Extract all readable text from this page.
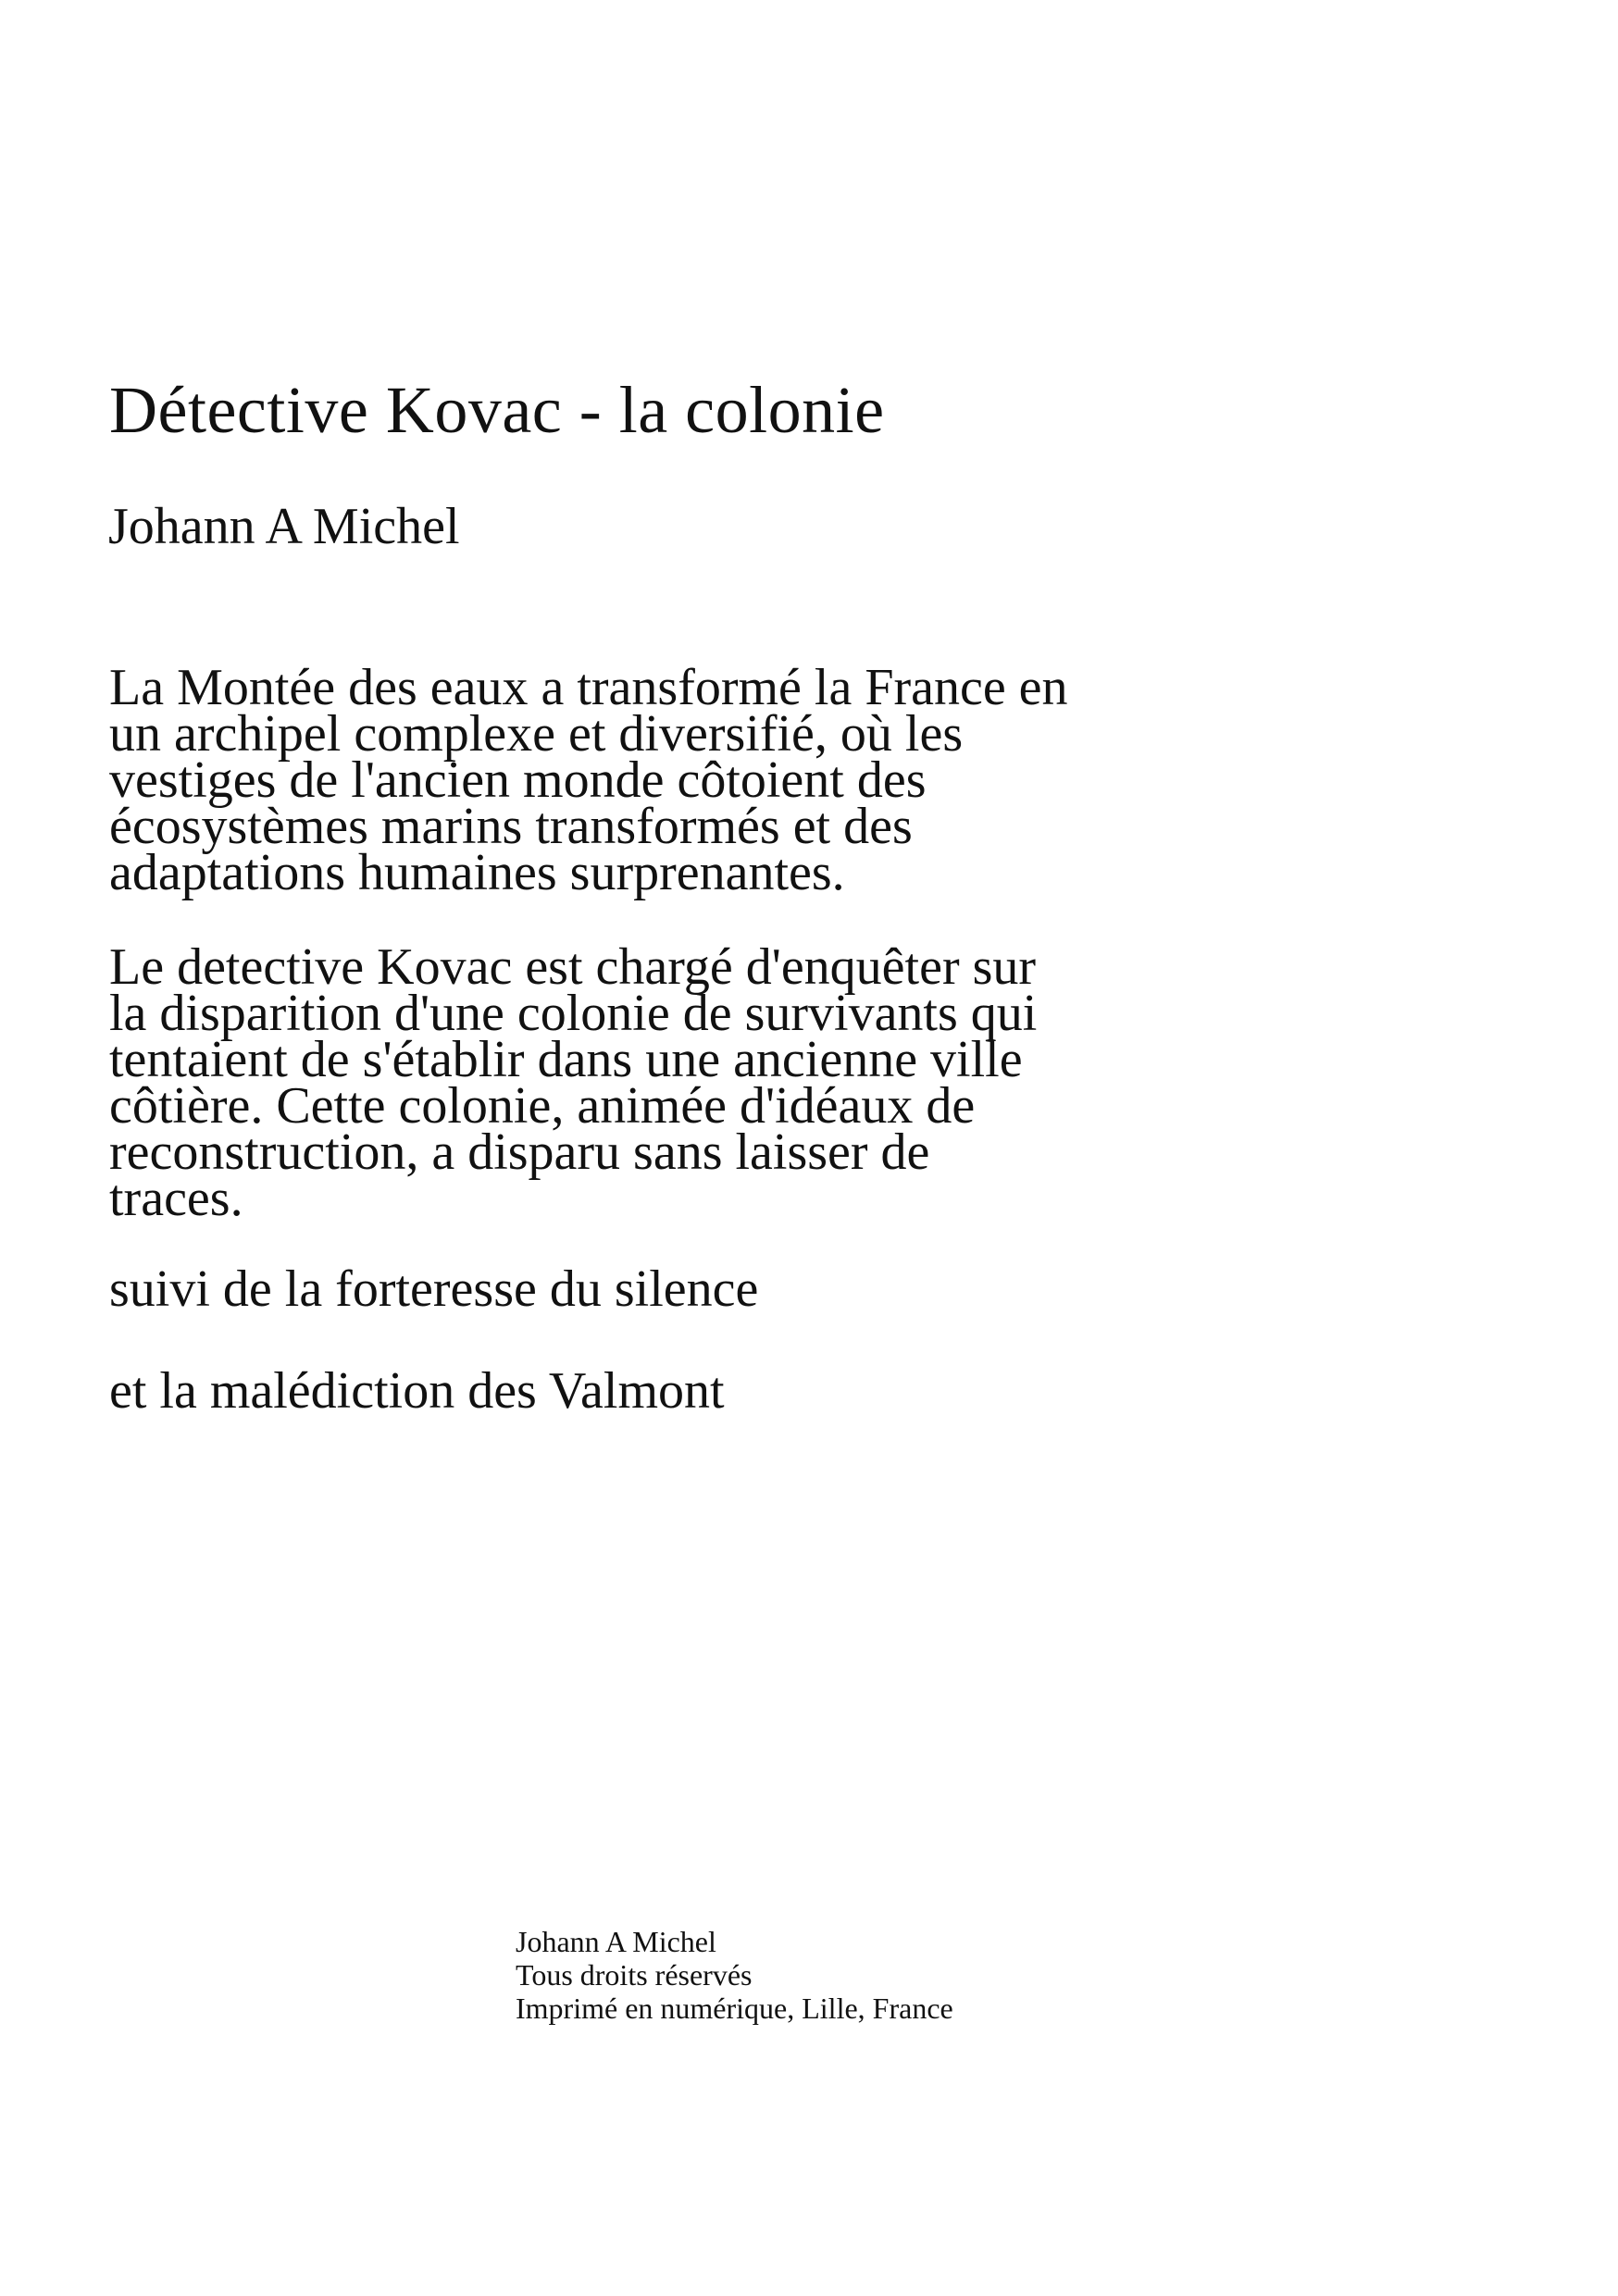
Détective Kovac - la colonie

Johann A Michel

La Montée des eaux a transformé la France en
un archipel complexe et diversifié, où les
vestiges de l'ancien monde côtoient des
écosystèmes marins transformés et des
adaptations humaines surprenantes.

Le detective Kovac est chargé d'enquêter sur
la disparition d'une colonie de survivants qui
tentaient de s'établir dans une ancienne ville
côtière. Cette colonie, animée d'idéaux de
reconstruction, a disparu sans laisser de
traces.

suivi de la forteresse du silence

et la malédiction des Valmont

Johann A Michel
Tous droits réservés
Imprimé en numérique, Lille, France
